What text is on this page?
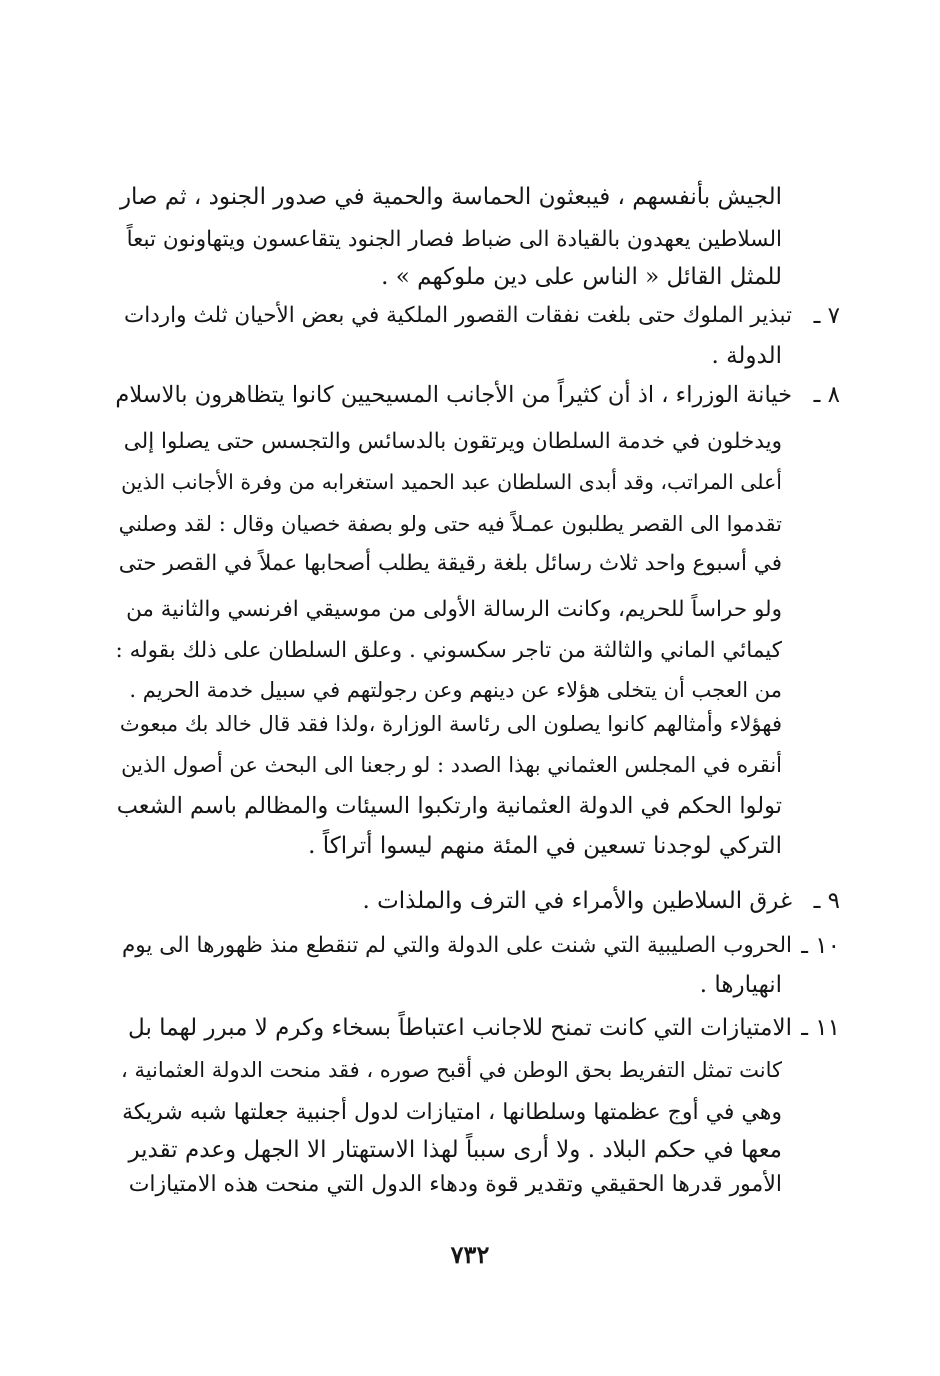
الجيش بأنفسهم ، فيبعثون الحماسة والحمية في صدور الجنود ، ثم صار
السلاطين يعهدون بالقيادة الى ضباط فصار الجنود يتقاعسون ويتهاونون تبعاً
للمثل القائل « الناس على دين ملوكهم » .
٧ ـ
تبذير الملوك حتى بلغت نفقات القصور الملكية في بعض الأحيان ثلث واردات
الدولة .
٨ ـ
خيانة الوزراء ، اذ أن كثيراً من الأجانب المسيحيين كانوا يتظاهرون بالاسلام
ويدخلون في خدمة السلطان ويرتقون بالدسائس والتجسس حتى يصلوا إلى
أعلى المراتب، وقد أبدى السلطان عبد الحميد استغرابه من وفرة الأجانب الذين
تقدموا الى القصر يطلبون عمـلاً فيه حتى ولو بصفة خصيان وقال : لقد وصلني
في أسبوع واحد ثلاث رسائل بلغة رقيقة يطلب أصحابها عملاً في القصر حتى
ولو حراساً للحريم، وكانت الرسالة الأولى من موسيقي افرنسي والثانية من
كيمائي الماني والثالثة من تاجر سكسوني . وعلق السلطان على ذلك بقوله :
من العجب أن يتخلى هؤلاء عن دينهم وعن رجولتهم في سبيل خدمة الحريم .
فهؤلاء وأمثالهم كانوا يصلون الى رئاسة الوزارة ،ولذا فقد قال خالد بك مبعوث
أنقره في المجلس العثماني بهذا الصدد : لو رجعنا الى البحث عن أصول الذين
تولوا الحكم في الدولة العثمانية وارتكبوا السيئات والمظالم باسم الشعب
التركي لوجدنا تسعين في المئة منهم ليسوا أتراكاً .
٩ ـ
غرق السلاطين والأمراء في الترف والملذات .
١٠ ـ
الحروب الصليبية التي شنت على الدولة والتي لم تنقطع منذ ظهورها الى يوم
انهيارها .
١١ ـ
الامتيازات التي كانت تمنح للاجانب اعتباطاً بسخاء وكرم لا مبرر لهما بل
كانت تمثل التفريط بحق الوطن في أقبح صوره ، فقد منحت الدولة العثمانية ،
وهي في أوج عظمتها وسلطانها ، امتيازات لدول أجنبية جعلتها شبه شريكة
معها في حكم البلاد . ولا أرى سبباً لهذا الاستهتار الا الجهل وعدم تقدير
الأمور قدرها الحقيقي وتقدير قوة ودهاء الدول التي منحت هذه الامتيازات
٧٣٢
